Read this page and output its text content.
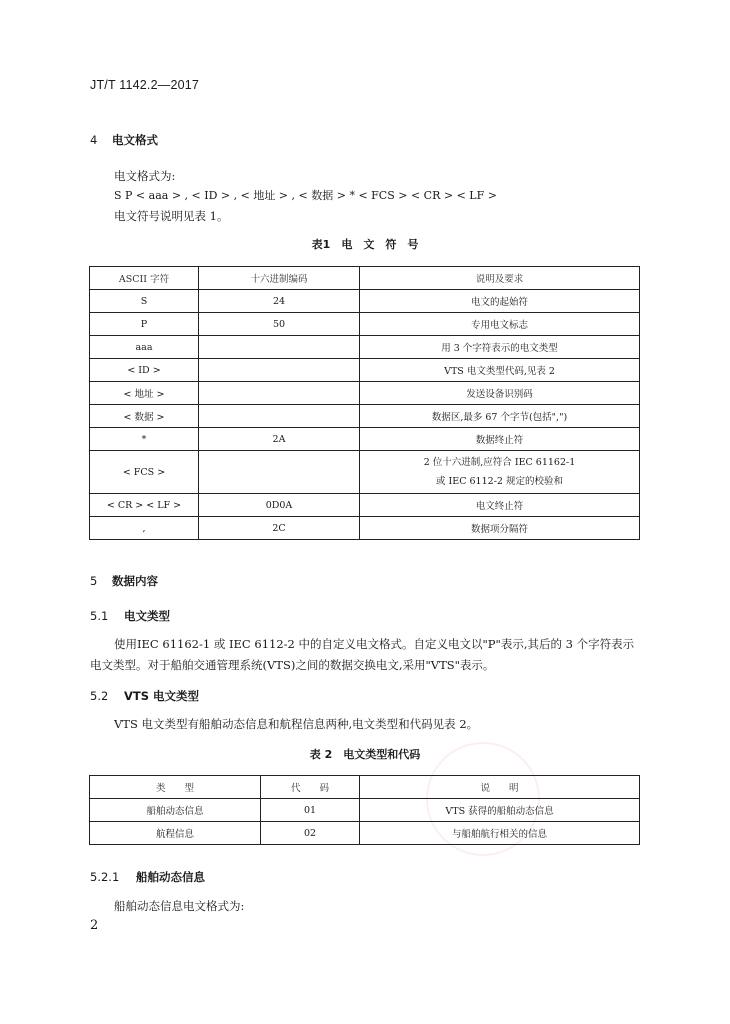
JT/T 1142.2—2017
4 电文格式
电文格式为:
S P < aaa > , < ID > , < 地址 > , < 数据 > * < FCS > < CR > < LF >
电文符号说明见表 1。
表1　电　文　符　号
ASCII 字符	十六进制编码	说明及要求
S	24	电文的起始符
P	50	专用电文标志
aaa		用 3 个字符表示的电文类型
< ID >		VTS 电文类型代码,见表 2
< 地址 >		发送设备识别码
< 数据 >		数据区,最多 67 个字节(包括",")
*	2A	数据终止符
< FCS >		2 位十六进制,应符合 IEC 61162-1
或 IEC 6112-2 规定的校验和

< CR > < LF >	0D0A	电文终止符
,	2C	数据项分隔符
5 数据内容
5.1 电文类型
使用IEC 61162-1 或 IEC 6112-2 中的自定义电文格式。自定义电文以"P"表示,其后的 3 个字符表示电文类型。对于船舶交通管理系统(VTS)之间的数据交换电文,采用"VTS"表示。
5.2 VTS 电文类型
VTS 电文类型有船舶动态信息和航程信息两种,电文类型和代码见表 2。
表 2　电文类型和代码
类　　型	代　　码	说　　明
船舶动态信息	01	VTS 获得的船舶动态信息
航程信息	02	与船舶航行相关的信息
5.2.1 船舶动态信息
船舶动态信息电文格式为:
2
